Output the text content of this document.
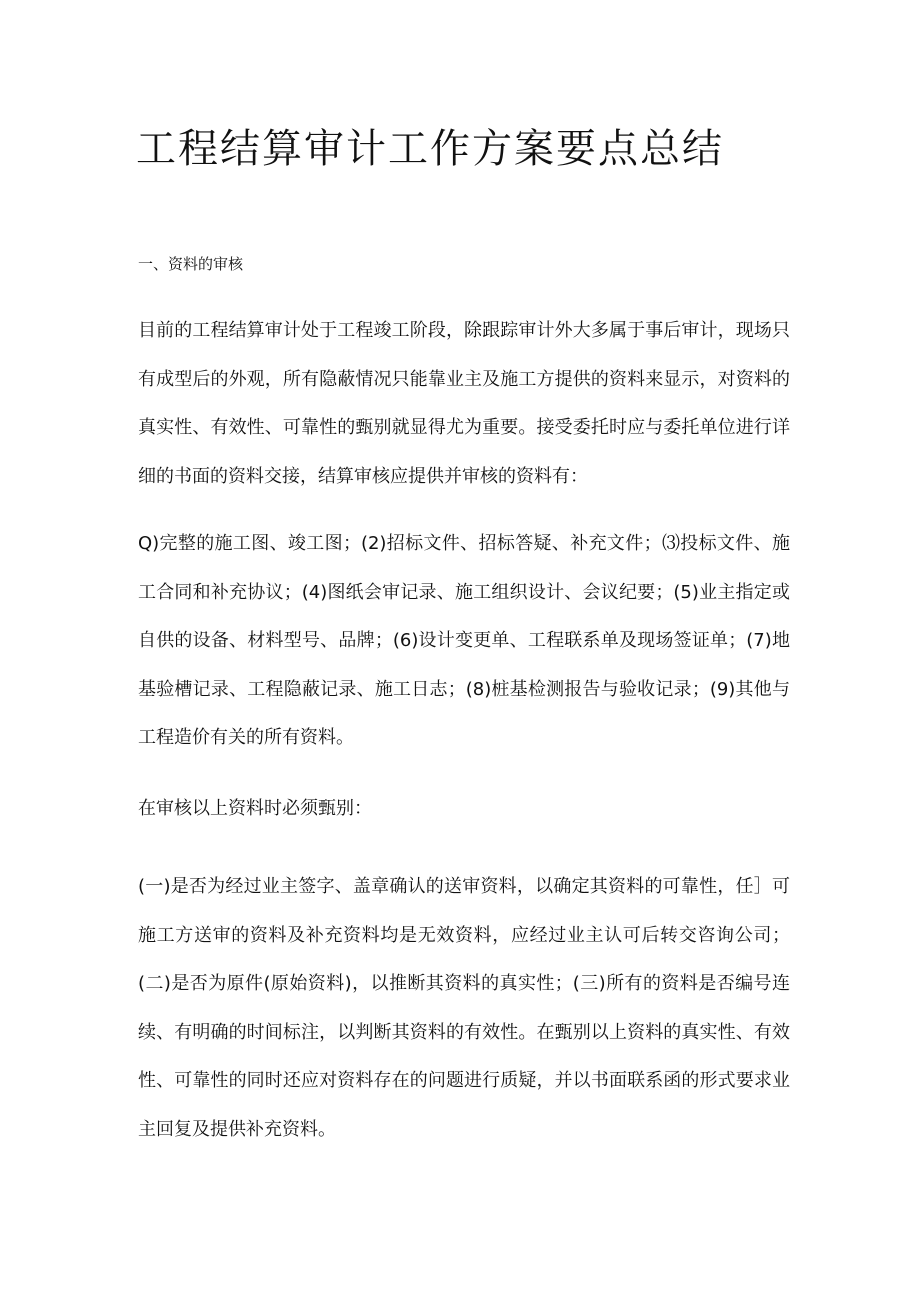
工程结算审计工作方案要点总结
一、资料的审核

目前的工程结算审计处于工程竣工阶段，除跟踪审计外大多属于事后审计，现场只有成型后的外观，所有隐蔽情况只能靠业主及施工方提供的资料来显示，对资料的真实性、有效性、可靠性的甄别就显得尤为重要。接受委托时应与委托单位进行详细的书面的资料交接，结算审核应提供并审核的资料有：

Q)完整的施工图、竣工图；(2)招标文件、招标答疑、补充文件；⑶投标文件、施工合同和补充协议；(4)图纸会审记录、施工组织设计、会议纪要；(5)业主指定或自供的设备、材料型号、品牌；(6)设计变更单、工程联系单及现场签证单；(7)地基验槽记录、工程隐蔽记录、施工日志；(8)桩基检测报告与验收记录；(9)其他与工程造价有关的所有资料。

在审核以上资料时必须甄别：

(一)是否为经过业主签字、盖章确认的送审资料，以确定其资料的可靠性，任］可施工方送审的资料及补充资料均是无效资料，应经过业主认可后转交咨询公司；(二)是否为原件(原始资料)，以推断其资料的真实性；(三)所有的资料是否编号连续、有明确的时间标注，以判断其资料的有效性。在甄别以上资料的真实性、有效性、可靠性的同时还应对资料存在的问题进行质疑，并以书面联系函的形式要求业主回复及提供补充资料。
